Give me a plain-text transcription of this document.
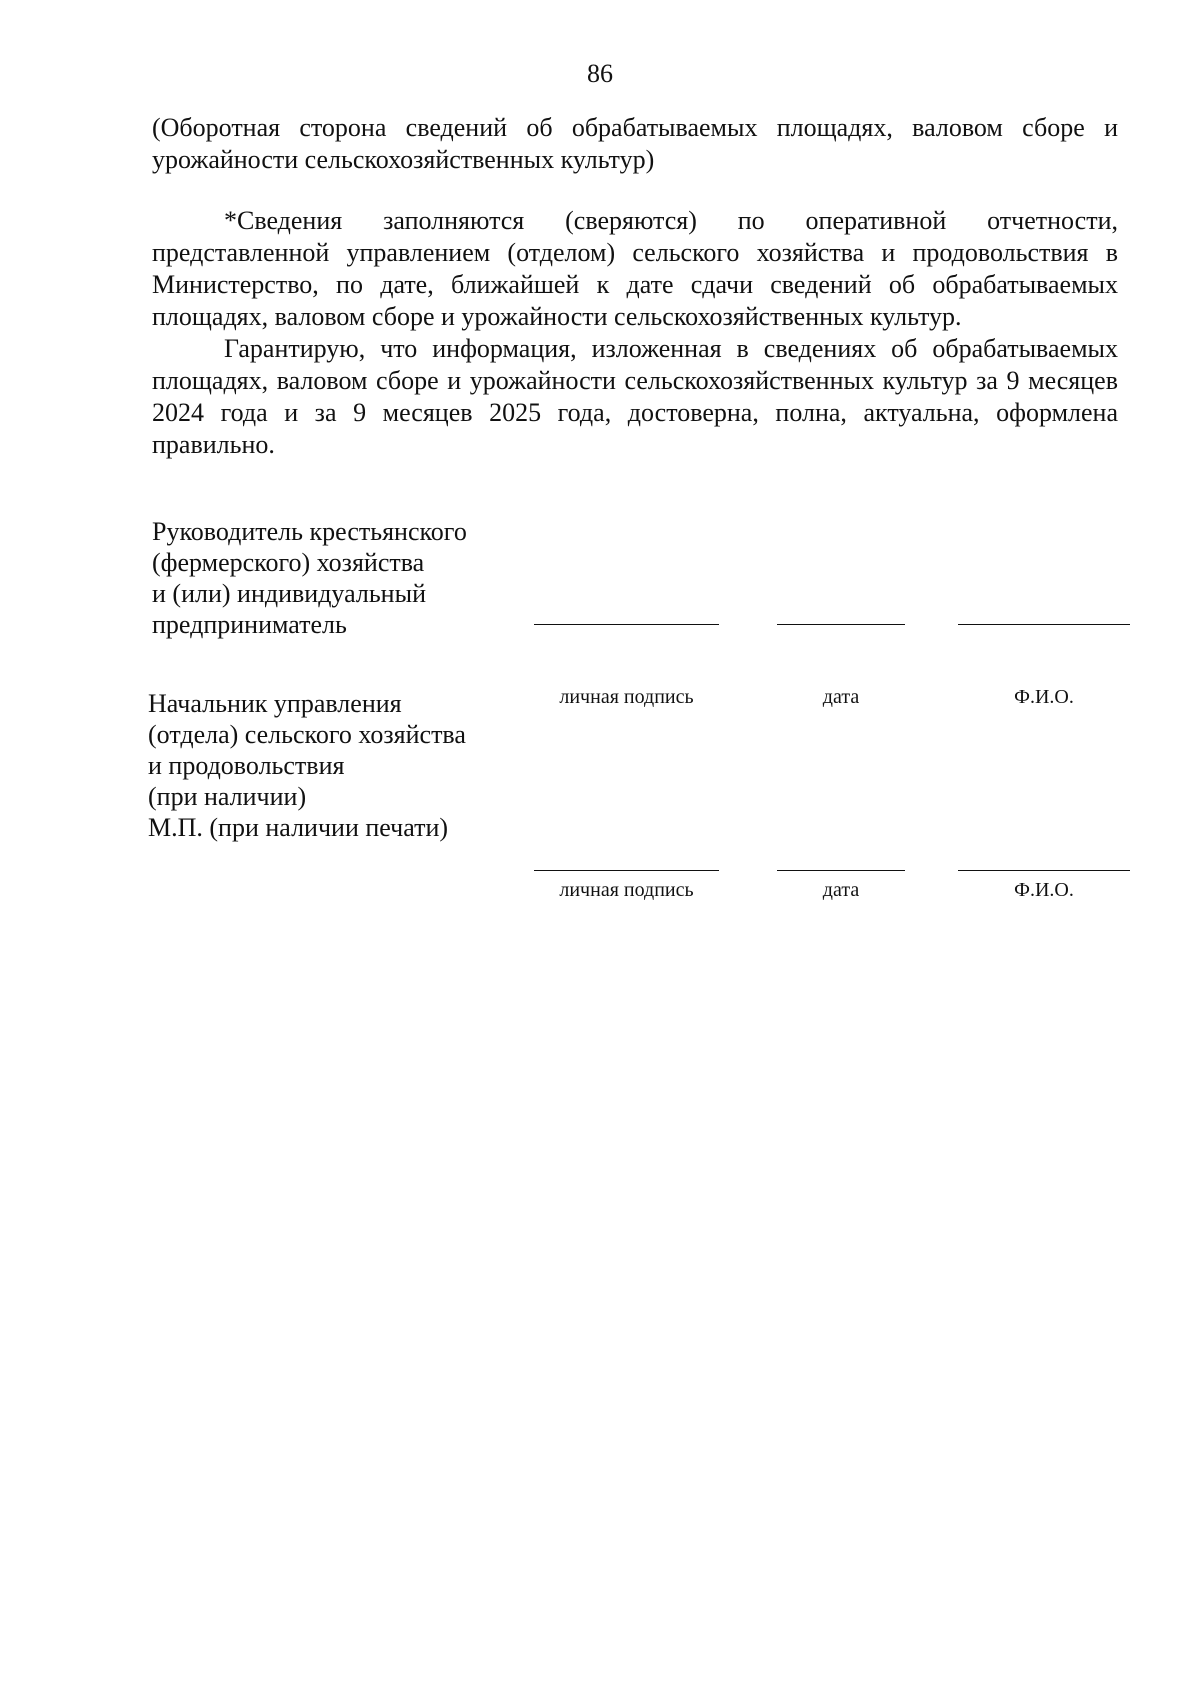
86

(Оборотная сторона сведений об обрабатываемых площадях, валовом сборе и урожайности сельскохозяйственных культур)

*Сведения заполняются (сверяются) по оперативной отчетности, представленной управлением (отделом) сельского хозяйства и продовольствия в Министерство, по дате, ближайшей к дате сдачи сведений об обрабатываемых площадях, валовом сборе и урожайности сельскохозяйственных культур.

Гарантирую, что информация, изложенная в сведениях об обрабатываемых площадях, валовом сборе и урожайности сельскохозяйственных культур за 9 месяцев 2024 года и за 9 месяцев 2025 года, достоверна, полна, актуальна, оформлена правильно.

Руководитель крестьянского
(фермерского) хозяйства
и (или) индивидуальный
предприниматель
личная подпись	дата	Ф.И.О.
Начальник управления
(отдела) сельского хозяйства
и продовольствия
(при наличии)
М.П. (при наличии печати)
личная подпись	дата	Ф.И.О.
